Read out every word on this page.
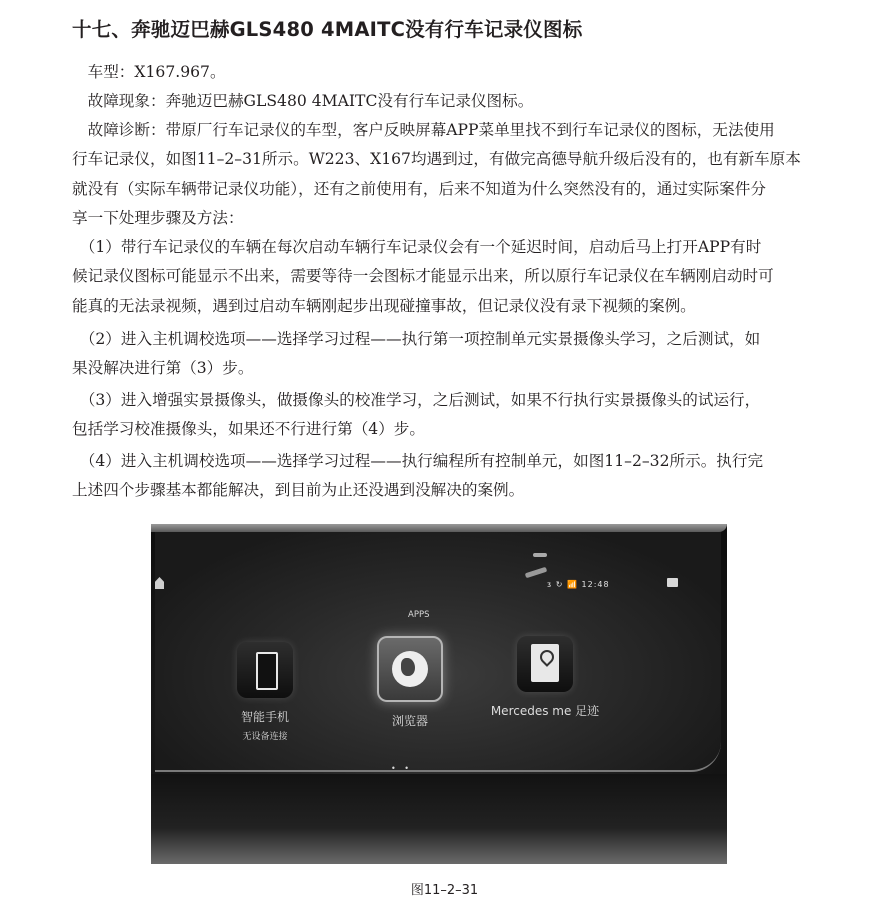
十七、奔驰迈巴赫GLS480 4MAITC没有行车记录仪图标
　车型：X167.967。
　故障现象：奔驰迈巴赫GLS480 4MAITC没有行车记录仪图标。
　故障诊断：带原厂行车记录仪的车型，客户反映屏幕APP菜单里找不到行车记录仪的图标，无法使用
行车记录仪，如图11–2–31所示。W223、X167均遇到过，有做完高德导航升级后没有的，也有新车原本
就没有（实际车辆带记录仪功能），还有之前使用有，后来不知道为什么突然没有的，通过实际案件分
享一下处理步骤及方法：
　（1）带行车记录仪的车辆在每次启动车辆行车记录仪会有一个延迟时间，启动后马上打开APP有时
候记录仪图标可能显示不出来，需要等待一会图标才能显示出来，所以原行车记录仪在车辆刚启动时可
能真的无法录视频，遇到过启动车辆刚起步出现碰撞事故，但记录仪没有录下视频的案例。
　（2）进入主机调校选项——选择学习过程——执行第一项控制单元实景摄像头学习，之后测试，如
果没解决进行第（3）步。
　（3）进入增强实景摄像头，做摄像头的校准学习，之后测试，如果不行执行实景摄像头的试运行，
包括学习校准摄像头，如果还不行进行第（4）步。
　（4）进入主机调校选项——选择学习过程——执行编程所有控制单元，如图11–2–32所示。执行完
上述四个步骤基本都能解决，到目前为止还没遇到没解决的案例。
ᴣ ↻ 📶 12:48
APPS
智能手机
无设备连接
浏览器
Mercedes me 足迹
• •
图11–2–31
